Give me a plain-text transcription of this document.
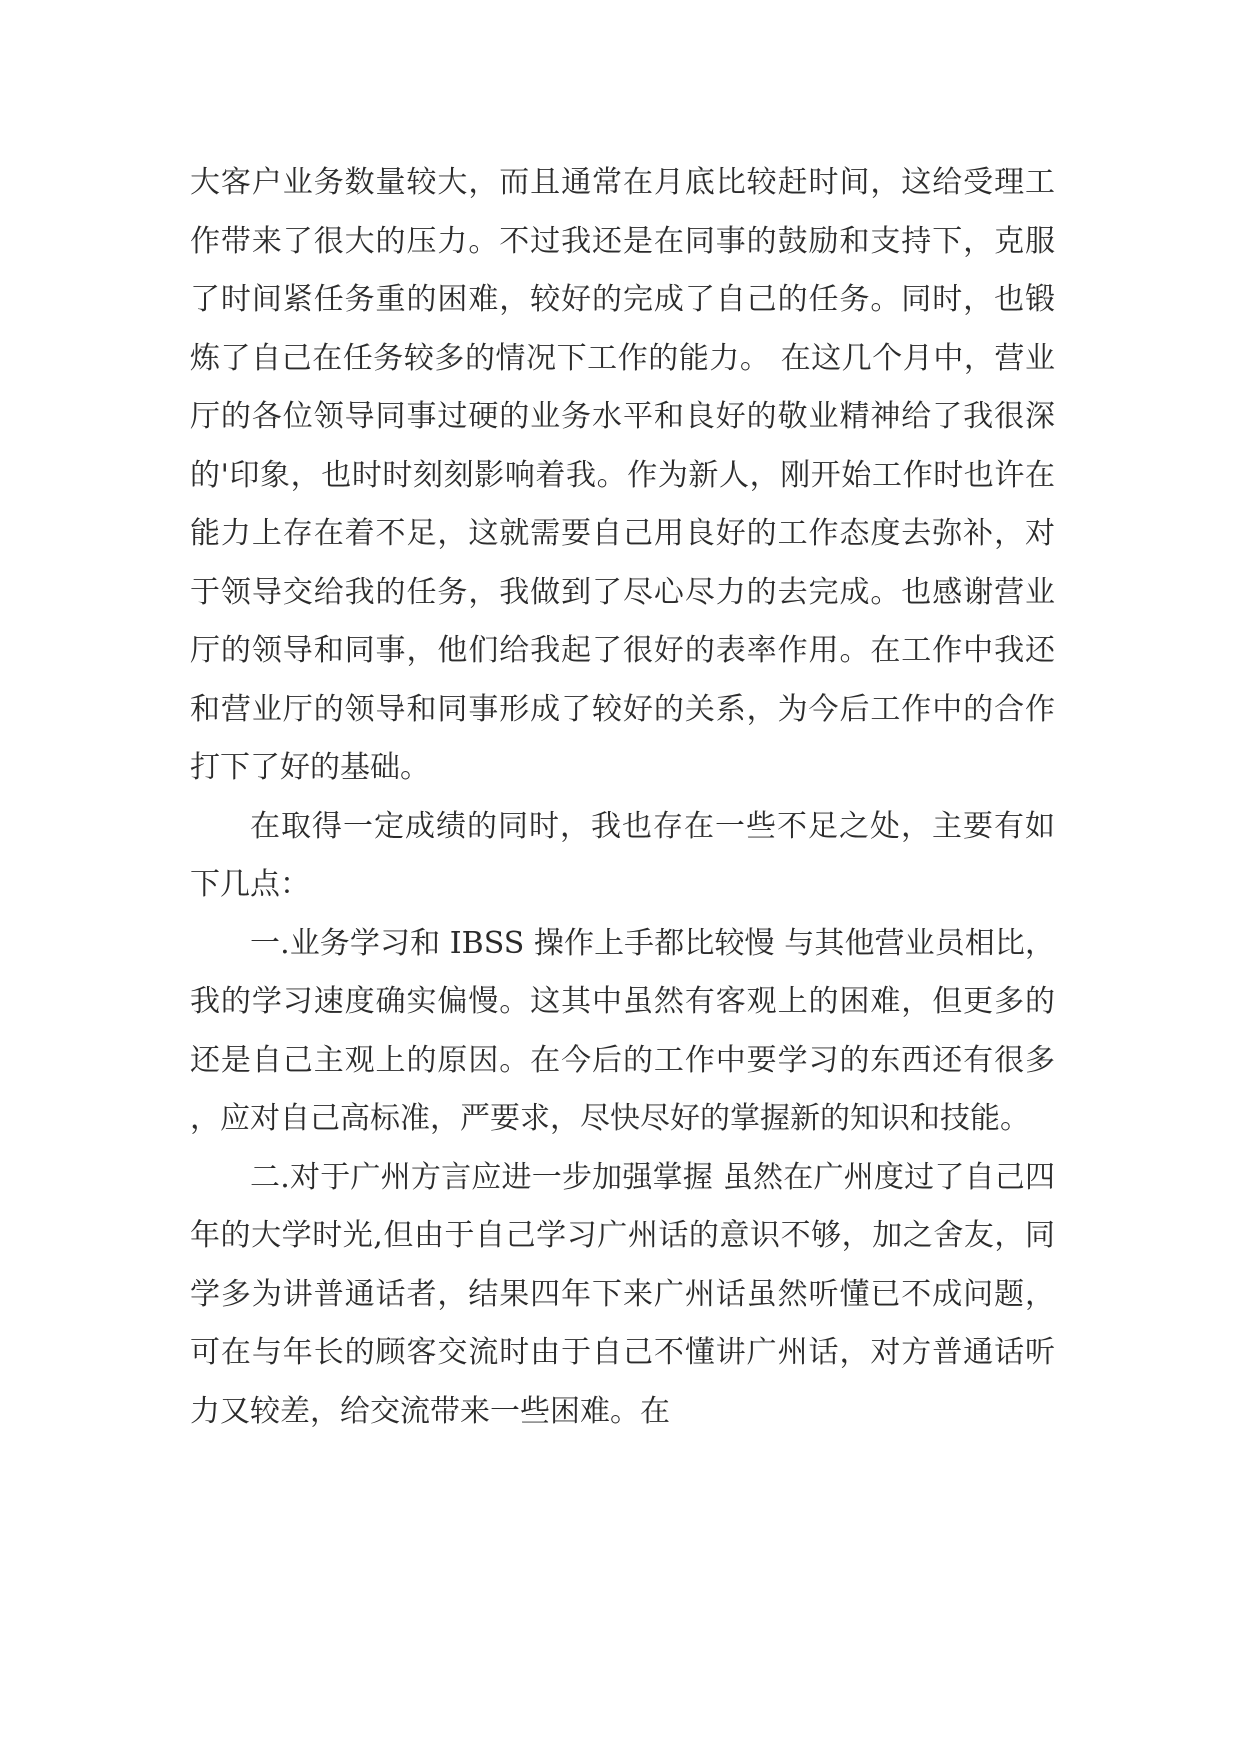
大客户业务数量较大，而且通常在月底比较赶时间，这给受理工作带来了很大的压力。不过我还是在同事的鼓励和支持下，克服了时间紧任务重的困难，较好的完成了自己的任务。同时，也锻炼了自己在任务较多的情况下工作的能力。 在这几个月中，营业厅的各位领导同事过硬的业务水平和良好的敬业精神给了我很深的'印象，也时时刻刻影响着我。作为新人，刚开始工作时也许在能力上存在着不足，这就需要自己用良好的工作态度去弥补，对于领导交给我的任务，我做到了尽心尽力的去完成。也感谢营业厅的领导和同事，他们给我起了很好的表率作用。在工作中我还和营业厅的领导和同事形成了较好的关系，为今后工作中的合作打下了好的基础。

在取得一定成绩的同时，我也存在一些不足之处，主要有如下几点：

一.业务学习和 IBSS 操作上手都比较慢 与其他营业员相比，我的学习速度确实偏慢。这其中虽然有客观上的困难，但更多的还是自己主观上的原因。在今后的工作中要学习的东西还有很多，应对自己高标准，严要求，尽快尽好的掌握新的知识和技能。

二.对于广州方言应进一步加强掌握 虽然在广州度过了自己四年的大学时光,但由于自己学习广州话的意识不够，加之舍友，同学多为讲普通话者，结果四年下来广州话虽然听懂已不成问题，可在与年长的顾客交流时由于自己不懂讲广州话，对方普通话听力又较差，给交流带来一些困难。在
